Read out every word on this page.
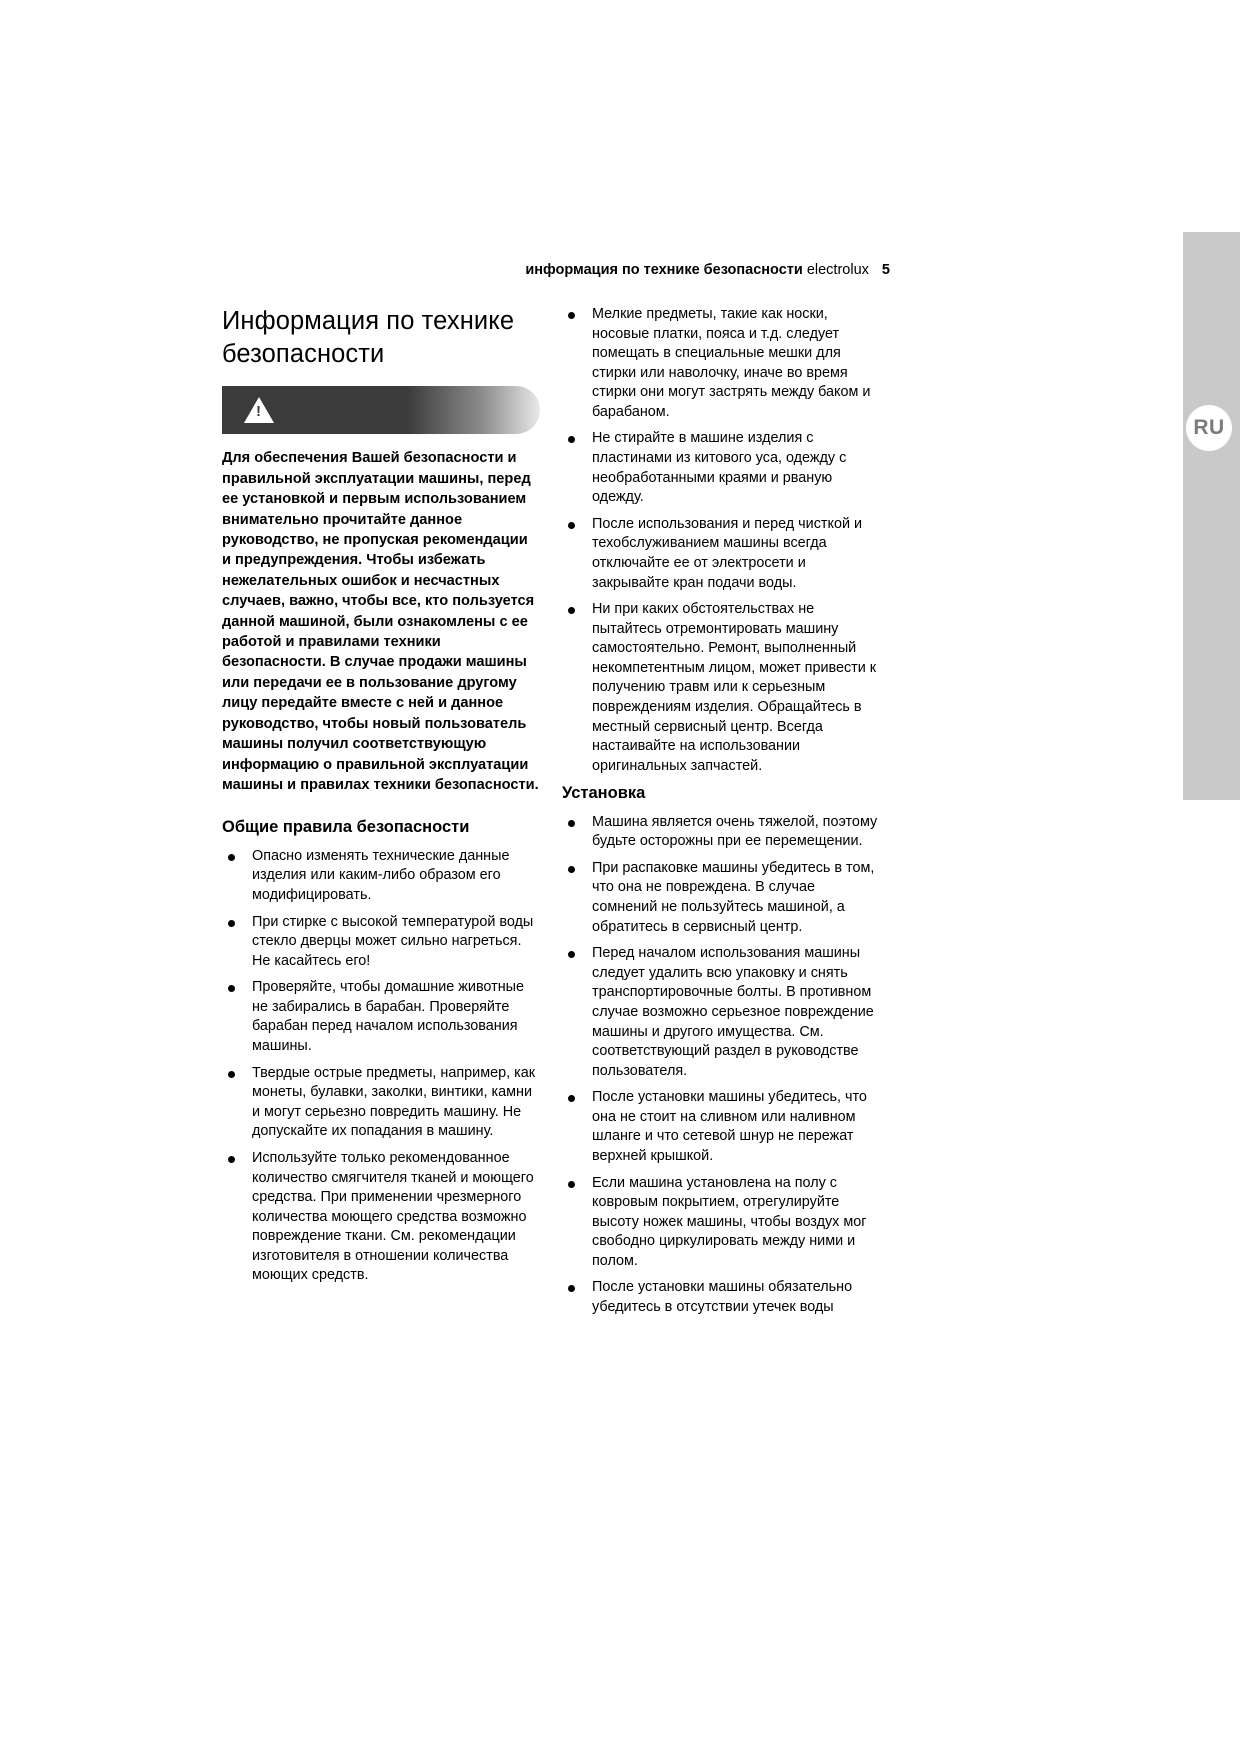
RU
информация по технике безопасности electrolux 5
Информация по технике безопасности
!

Для обеспечения Вашей безопасности и правильной эксплуатации машины, перед ее установкой и первым использованием внимательно прочитайте данное руководство, не пропуская рекомендации и предупреждения. Чтобы избежать нежелательных ошибок и несчастных случаев, важно, чтобы все, кто пользуется данной машиной, были ознакомлены с ее работой и правилами техники безопасности. В случае продажи машины или передачи ее в пользование другому лицу передайте вместе с ней и данное руководство, чтобы новый пользователь машины получил соответствующую информацию о правильной эксплуатации машины и правилах техники безопасности.

Общие правила безопасности
Опасно изменять технические данные изделия или каким-либо образом его модифицировать.
При стирке с высокой температурой воды стекло дверцы может сильно нагреться. Не касайтесь его!
Проверяйте, чтобы домашние животные не забирались в барабан. Проверяйте барабан перед началом использования машины.
Твердые острые предметы, например, как монеты, булавки, заколки, винтики, камни и могут серьезно повредить машину. Не допускайте их попадания в машину.
Используйте только рекомендованное количество смягчителя тканей и моющего средства. При применении чрезмерного количества моющего средства возможно повреждение ткани. См. рекомендации изготовителя в отношении количества моющих средств.
Мелкие предметы, такие как носки, носовые платки, пояса и т.д. следует помещать в специальные мешки для стирки или наволочку, иначе во время стирки они могут застрять между баком и барабаном.
Не стирайте в машине изделия с пластинами из китового уса, одежду с необработанными краями и рваную одежду.
После использования и перед чисткой и техобслуживанием машины всегда отключайте ее от электросети и закрывайте кран подачи воды.
Ни при каких обстоятельствах не пытайтесь отремонтировать машину самостоятельно. Ремонт, выполненный некомпетентным лицом, может привести к получению травм или к серьезным повреждениям изделия. Обращайтесь в местный сервисный центр. Всегда настаивайте на использовании оригинальных запчастей.
Установка
Машина является очень тяжелой, поэтому будьте осторожны при ее перемещении.
При распаковке машины убедитесь в том, что она не повреждена. В случае сомнений не пользуйтесь машиной, а обратитесь в сервисный центр.
Перед началом использования машины следует удалить всю упаковку и снять транспортировочные болты. В противном случае возможно серьезное повреждение машины и другого имущества. См. соответствующий раздел в руководстве пользователя.
После установки машины убедитесь, что она не стоит на сливном или наливном шланге и что сетевой шнур не пережат верхней крышкой.
Если машина установлена на полу с ковровым покрытием, отрегулируйте высоту ножек машины, чтобы воздух мог свободно циркулировать между ними и полом.
После установки машины обязательно убедитесь в отсутствии утечек воды
